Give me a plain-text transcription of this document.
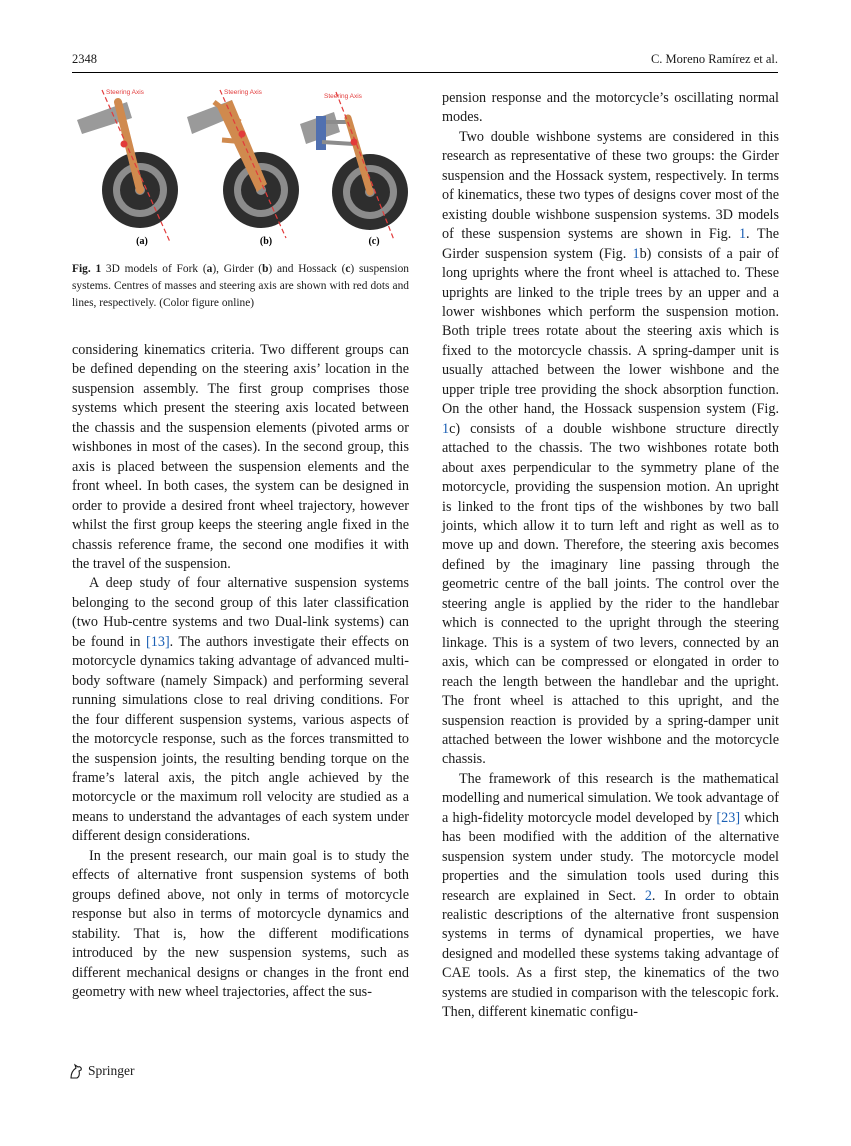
2348	C. Moreno Ramírez et al.
Steering Axis
(a)
Steering Axis
(b)
Steering Axis
(c)
Fig. 1 3D models of Fork (a), Girder (b) and Hossack (c) suspension systems. Centres of masses and steering axis are shown with red dots and lines, respectively. (Color figure online)

considering kinematics criteria. Two different groups can be defined depending on the steering axis’ location in the suspension assembly. The first group comprises those systems which present the steering axis located between the chassis and the suspension elements (pivoted arms or wishbones in most of the cases). In the second group, this axis is placed between the suspension elements and the front wheel. In both cases, the system can be designed in order to provide a desired front wheel trajectory, however whilst the first group keeps the steering angle fixed in the chassis reference frame, the second one modifies it with the travel of the suspension.

A deep study of four alternative suspension systems belonging to the second group of this later classification (two Hub-centre systems and two Dual-link systems) can be found in [13]. The authors investigate their effects on motorcycle dynamics taking advantage of advanced multi-body software (namely Simpack) and performing several running simulations close to real driving conditions. For the four different suspension systems, various aspects of the motorcycle response, such as the forces transmitted to the suspension joints, the resulting bending torque on the frame’s lateral axis, the pitch angle achieved by the motorcycle or the maximum roll velocity are studied as a means to understand the advantages of each system under different design considerations.

In the present research, our main goal is to study the effects of alternative front suspension systems of both groups defined above, not only in terms of motorcycle response but also in terms of motorcycle dynamics and stability. That is, how the different modifications introduced by the new suspension systems, such as different mechanical designs or changes in the front end geometry with new wheel trajectories, affect the sus-

pension response and the motorcycle’s oscillating normal modes.

Two double wishbone systems are considered in this research as representative of these two groups: the Girder suspension and the Hossack system, respectively. In terms of kinematics, these two types of designs cover most of the existing double wishbone suspension systems. 3D models of these suspension systems are shown in Fig. 1. The Girder suspension system (Fig. 1b) consists of a pair of long uprights where the front wheel is attached to. These uprights are linked to the triple trees by an upper and a lower wishbones which perform the suspension motion. Both triple trees rotate about the steering axis which is fixed to the motorcycle chassis. A spring-damper unit is usually attached between the lower wishbone and the upper triple tree providing the shock absorption function. On the other hand, the Hossack suspension system (Fig. 1c) consists of a double wishbone structure directly attached to the chassis. The two wishbones rotate both about axes perpendicular to the symmetry plane of the motorcycle, providing the suspension motion. An upright is linked to the front tips of the wishbones by two ball joints, which allow it to turn left and right as well as to move up and down. Therefore, the steering axis becomes defined by the imaginary line passing through the geometric centre of the ball joints. The control over the steering angle is applied by the rider to the handlebar which is connected to the upright through the steering linkage. This is a system of two levers, connected by an axis, which can be compressed or elongated in order to reach the length between the handlebar and the upright. The front wheel is attached to this upright, and the suspension reaction is provided by a spring-damper unit attached between the lower wishbone and the motorcycle chassis.

The framework of this research is the mathematical modelling and numerical simulation. We took advantage of a high-fidelity motorcycle model developed by [23] which has been modified with the addition of the alternative suspension system under study. The motorcycle model properties and the simulation tools used during this research are explained in Sect. 2. In order to obtain realistic descriptions of the alternative front suspension systems in terms of dynamical properties, we have designed and modelled these systems taking advantage of CAE tools. As a first step, the kinematics of the two systems are studied in comparison with the telescopic fork. Then, different kinematic configu-

Springer
